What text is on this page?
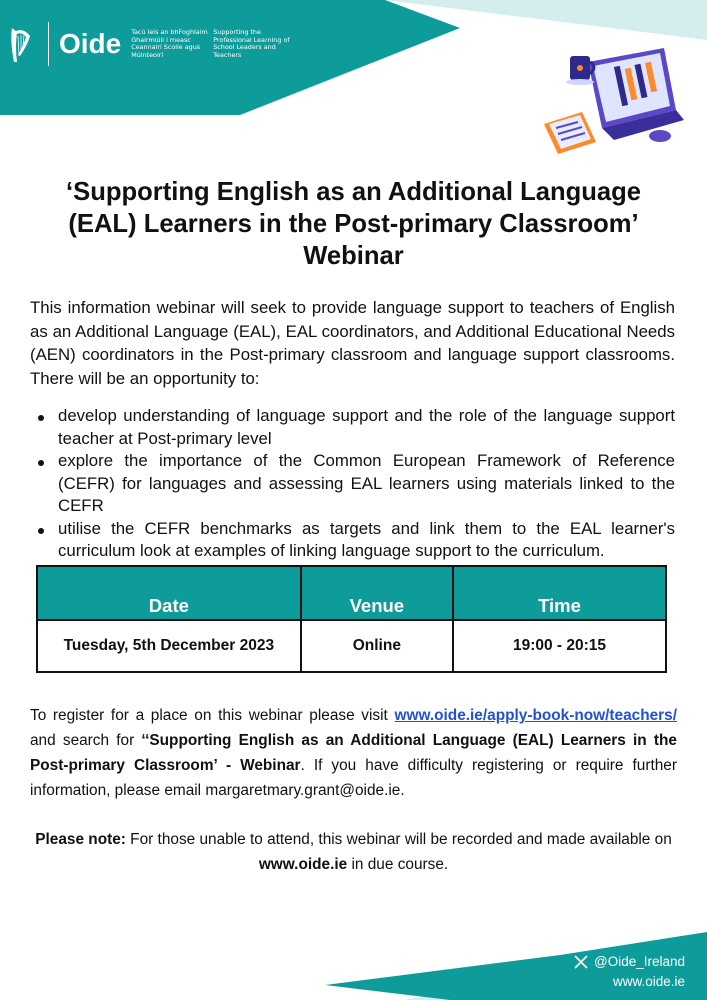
Oide Tacú leis an bhFoghlaim Ghairmiúil i measc Ceannairí Scoile agus Múinteoirí
Supporting the Professional Learning of School Leaders and Teachers
‘Supporting English as an Additional Language
(EAL) Learners in the Post-primary Classroom’
Webinar
This information webinar will seek to provide language support to teachers of English as an Additional Language (EAL), EAL coordinators, and Additional Educational Needs (AEN) coordinators in the Post-primary classroom and language support classrooms. There will be an opportunity to:
develop understanding of language support and the role of the language support teacher at Post-primary level
explore the importance of the Common European Framework of Reference (CEFR) for languages and assessing EAL learners using materials linked to the CEFR
utilise the CEFR benchmarks as targets and link them to the EAL learner's curriculum look at examples of linking language support to the curriculum.
Date	Venue	Time
Tuesday, 5th December 2023	Online	19:00 - 20:15
To register for a place on this webinar please visit www.oide.ie/apply-book-now/teachers/ and search for ‘‘Supporting English as an Additional Language (EAL) Learners in the Post-primary Classroom’ - Webinar. If you have difficulty registering or require further information, please email margaretmary.grant@oide.ie.
Please note: For those unable to attend, this webinar will be recorded and made available on www.oide.ie in due course.
@Oide_Ireland
www.oide.ie
